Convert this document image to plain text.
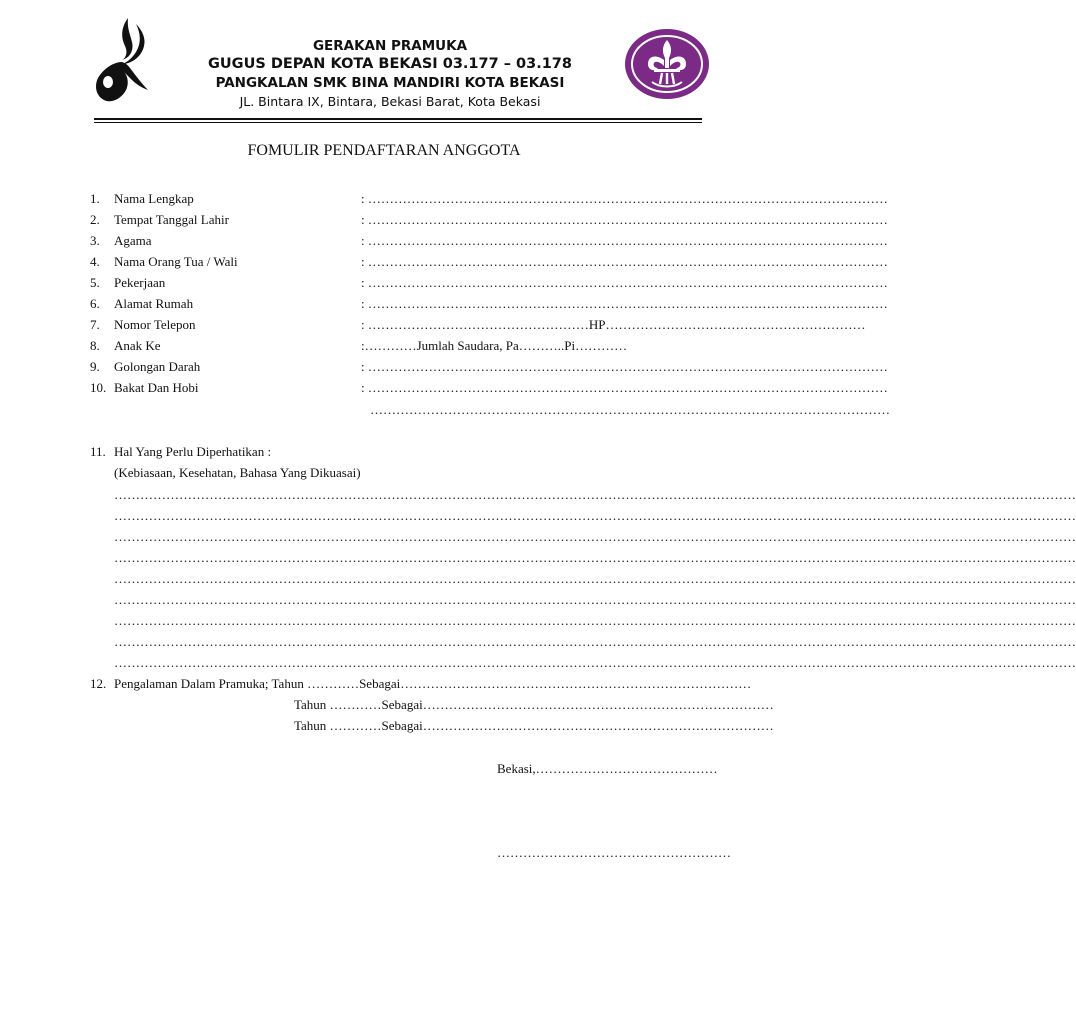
GERAKAN PRAMUKA
GUGUS DEPAN KOTA BEKASI 03.177 – 03.178
PANGKALAN SMK BINA MANDIRI KOTA BEKASI
JL. Bintara IX, Bintara, Bekasi Barat, Kota Bekasi
FOMULIR PENDAFTARAN ANGGOTA
1. Nama Lengkap	: …………………………………………………………………………………………………………
2. Tempat Tanggal Lahir	: …………………………………………………………………………………………………………
3. Agama	: …………………………………………………………………………………………………………
4. Nama Orang Tua / Wali	: …………………………………………………………………………………………………………
5. Pekerjaan	: …………………………………………………………………………………………………………
6. Alamat Rumah	: …………………………………………………………………………………………………………
7. Nomor Telepon	: ……………………………………………HP……………………………………………………
8. Anak Ke	:…………Jumlah Saudara, Pa………..Pi…………
9. Golongan Darah	: …………………………………………………………………………………………………………
10. Bakat Dan Hobi	: …………………………………………………………………………………………………………
…………………………………………………………………………………………………………
11. Hal Yang Perlu Diperhatikan :
(Kebiasaan, Kesehatan, Bahasa Yang Dikuasai)
……………………………………………………………………………………………………………………………………………………………………………………………………
……………………………………………………………………………………………………………………………………………………………………………………………………
……………………………………………………………………………………………………………………………………………………………………………………………………
……………………………………………………………………………………………………………………………………………………………………………………………………
……………………………………………………………………………………………………………………………………………………………………………………………………
……………………………………………………………………………………………………………………………………………………………………………………………………
……………………………………………………………………………………………………………………………………………………………………………………………………
……………………………………………………………………………………………………………………………………………………………………………………………………
……………………………………………………………………………………………………………………………………………………………………………………………………
12. Pengalaman Dalam Pramuka; Tahun …………Sebagai………………………………………………………………………
Tahun …………Sebagai………………………………………………………………………
Tahun …………Sebagai………………………………………………………………………
Bekasi,……………………………………
………………………………………………
